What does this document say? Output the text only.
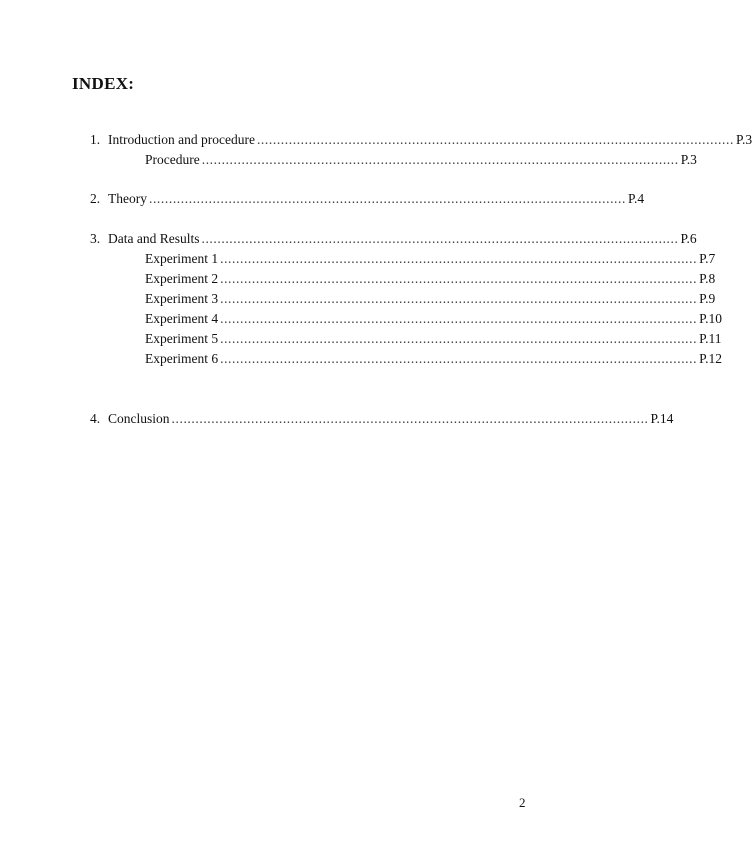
INDEX:
1. Introduction and procedure ........................................................................................................................ P.3
Procedure ........................................................................................................................ P.3
2. Theory ........................................................................................................................ P.4
3. Data and Results ........................................................................................................................ P.6
Experiment 1 ........................................................................................................................ P.7
Experiment 2 ........................................................................................................................ P.8
Experiment 3 ........................................................................................................................ P.9
Experiment 4 ........................................................................................................................ P.10
Experiment 5 ........................................................................................................................ P.11
Experiment 6 ........................................................................................................................ P.12
4. Conclusion ........................................................................................................................ P.14
2
